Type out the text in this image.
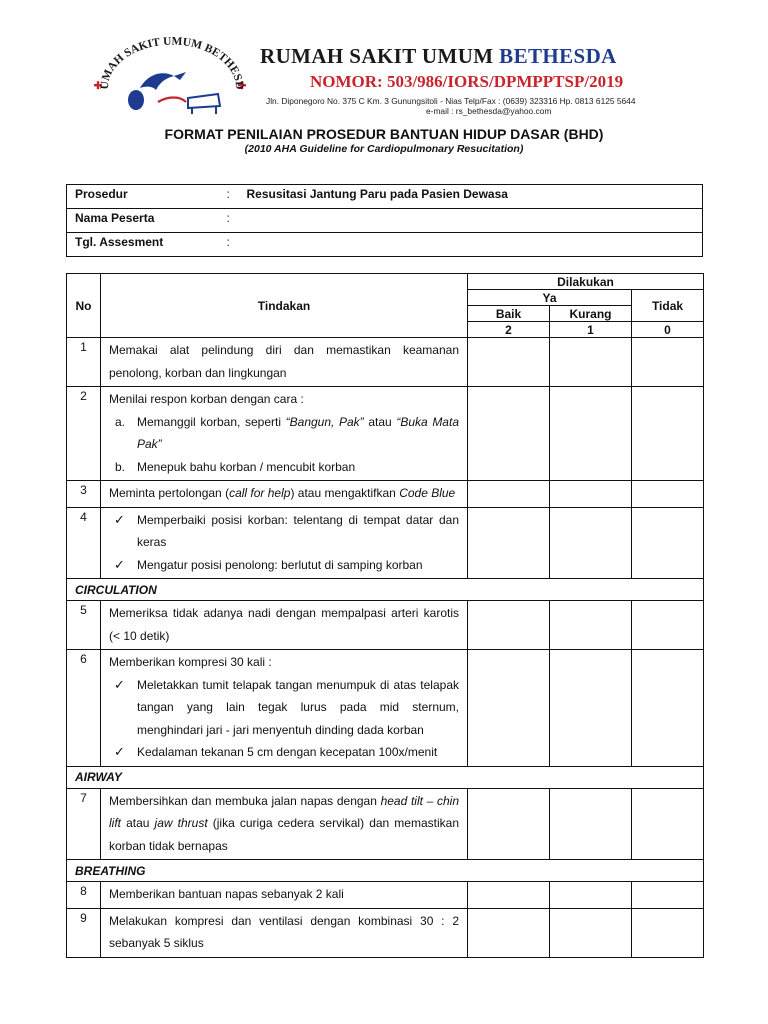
UMAH SAKIT UMUM BETHESD
RUMAH SAKIT UMUM BETHESDA
NOMOR: 503/986/IORS/DPMPPTSP/2019
Jln. Diponegoro No. 375 C Km. 3 Gunungsitoli - Nias Telp/Fax : (0639) 323316 Hp. 0813 6125 5644
e-mail : rs_bethesda@yahoo.com
FORMAT PENILAIAN PROSEDUR BANTUAN HIDUP DASAR (BHD)
(2010 AHA Guideline for Cardiopulmonary Resucitation)
Prosedur	:	Resusitasi Jantung Paru pada Pasien Dewasa
Nama Peserta	:	
Tgl. Assesment	:	
No	Tindakan	Dilakukan		
		Ya		Tidak
		Baik	Kurang	
		2	1	0
1	Memakai alat pelindung diri dan memastikan keamanan penolong, korban dan lingkungan			
2	Menilai respon korban dengan cara :
a. Memanggil korban, seperti “Bangun, Pak” atau “Buka Mata Pak”
b. Menepuk bahu korban / mencubit korban			

3	Meminta pertolongan (call for help) atau mengaktifkan Code Blue			
4	✓ Memperbaiki posisi korban: telentang di tempat datar dan keras
✓ Mengatur posisi penolong: berlutut di samping korban			

CIRCULATION				
5	Memeriksa tidak adanya nadi dengan mempalpasi arteri karotis (< 10 detik)			
6	Memberikan kompresi 30 kali :
✓ Meletakkan tumit telapak tangan menumpuk di atas telapak tangan yang lain tegak lurus pada mid sternum, menghindari jari - jari menyentuh dinding dada korban
✓ Kedalaman tekanan 5 cm dengan kecepatan 100x/menit			

AIRWAY				
7	Membersihkan dan membuka jalan napas dengan head tilt – chin lift atau jaw thrust (jika curiga cedera servikal) dan memastikan korban tidak bernapas			
BREATHING				
8	Memberikan bantuan napas sebanyak 2 kali			
9	Melakukan kompresi dan ventilasi dengan kombinasi 30 : 2 sebanyak 5 siklus			
